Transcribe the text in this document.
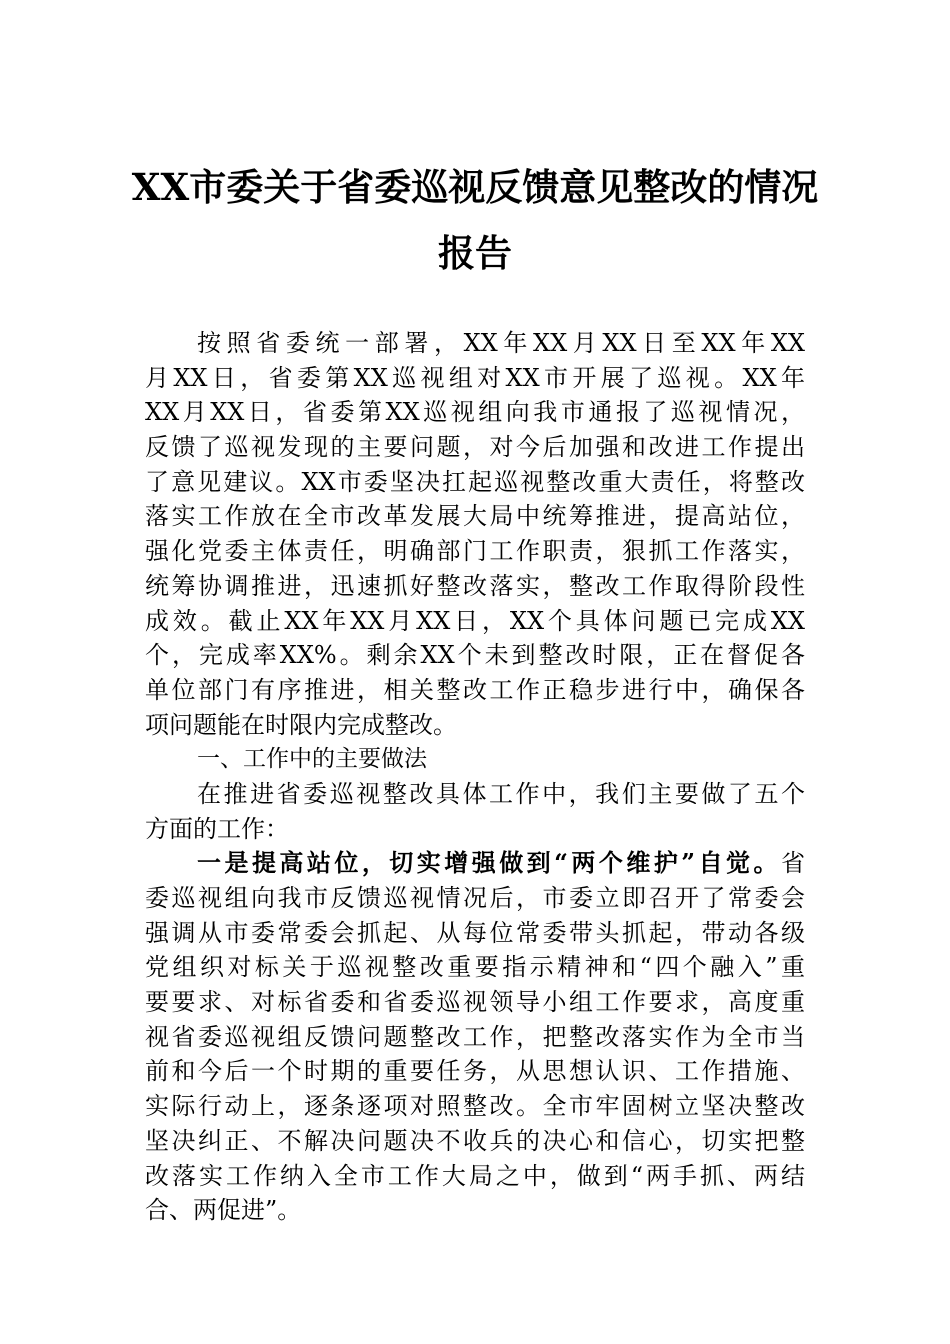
XX市委关于省委巡视反馈意见整改的情况
报告
按照省委统一部署，XX年XX月XX日至XX年XX
月XX日，省委第XX巡视组对XX市开展了巡视。XX年
XX月XX日，省委第XX巡视组向我市通报了巡视情况，
反馈了巡视发现的主要问题，对今后加强和改进工作提出
了意见建议。XX市委坚决扛起巡视整改重大责任，将整改
落实工作放在全市改革发展大局中统筹推进，提高站位，
强化党委主体责任，明确部门工作职责，狠抓工作落实，
统筹协调推进，迅速抓好整改落实，整改工作取得阶段性
成效。截止XX年XX月XX日，XX个具体问题已完成XX
个，完成率XX%。剩余XX个未到整改时限，正在督促各
单位部门有序推进，相关整改工作正稳步进行中，确保各
项问题能在时限内完成整改。
一、工作中的主要做法
在推进省委巡视整改具体工作中，我们主要做了五个
方面的工作：
一是提高站位，切实增强做到“两个维护”自觉。省
委巡视组向我市反馈巡视情况后，市委立即召开了常委会
强调从市委常委会抓起、从每位常委带头抓起，带动各级
党组织对标关于巡视整改重要指示精神和“四个融入”重
要要求、对标省委和省委巡视领导小组工作要求，高度重
视省委巡视组反馈问题整改工作，把整改落实作为全市当
前和今后一个时期的重要任务，从思想认识、工作措施、
实际行动上，逐条逐项对照整改。全市牢固树立坚决整改
坚决纠正、不解决问题决不收兵的决心和信心，切实把整
改落实工作纳入全市工作大局之中，做到“两手抓、两结
合、两促进”。
